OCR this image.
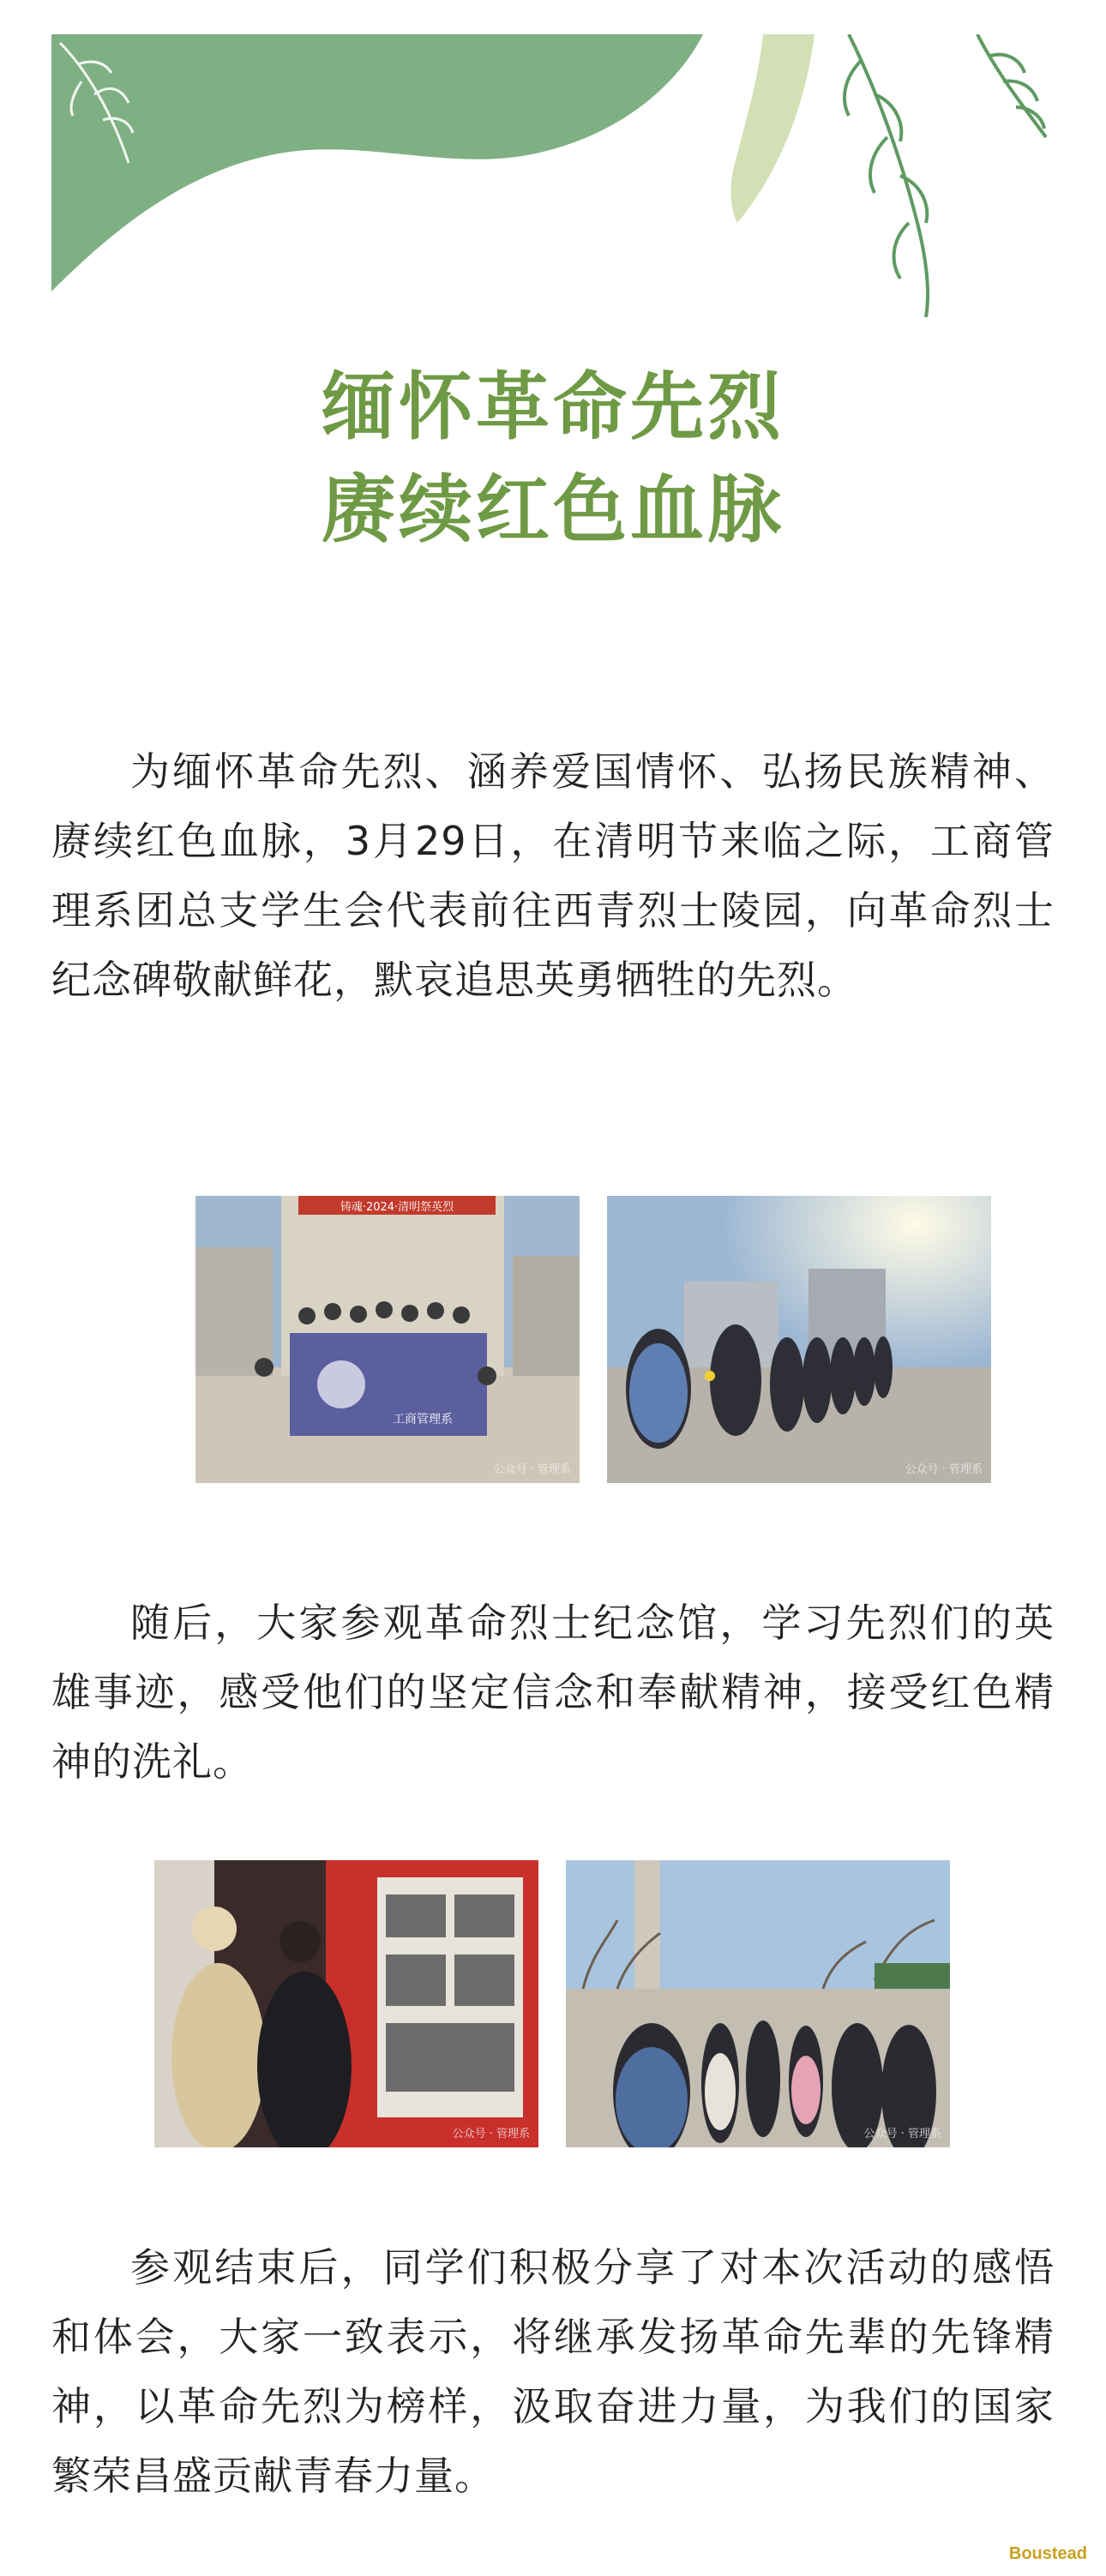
缅怀革命先烈
赓续红色血脉
为缅怀革命先烈、涵养爱国情怀、弘扬民族精神、赓续红色血脉，3月29日，在清明节来临之际，工商管理系团总支学生会代表前往西青烈士陵园，向革命烈士纪念碑敬献鲜花，默哀追思英勇牺牲的先烈。
铸魂·2024·清明祭英烈
工商管理系
公众号 · 管理系	公众号 · 管理系
随后，大家参观革命烈士纪念馆，学习先烈们的英雄事迹，感受他们的坚定信念和奉献精神，接受红色精神的洗礼。
公众号 · 管理系	公众号 · 管理系
参观结束后，同学们积极分享了对本次活动的感悟和体会，大家一致表示，将继承发扬革命先辈的先锋精神，以革命先烈为榜样，汲取奋进力量，为我们的国家繁荣昌盛贡献青春力量。
Boustead
